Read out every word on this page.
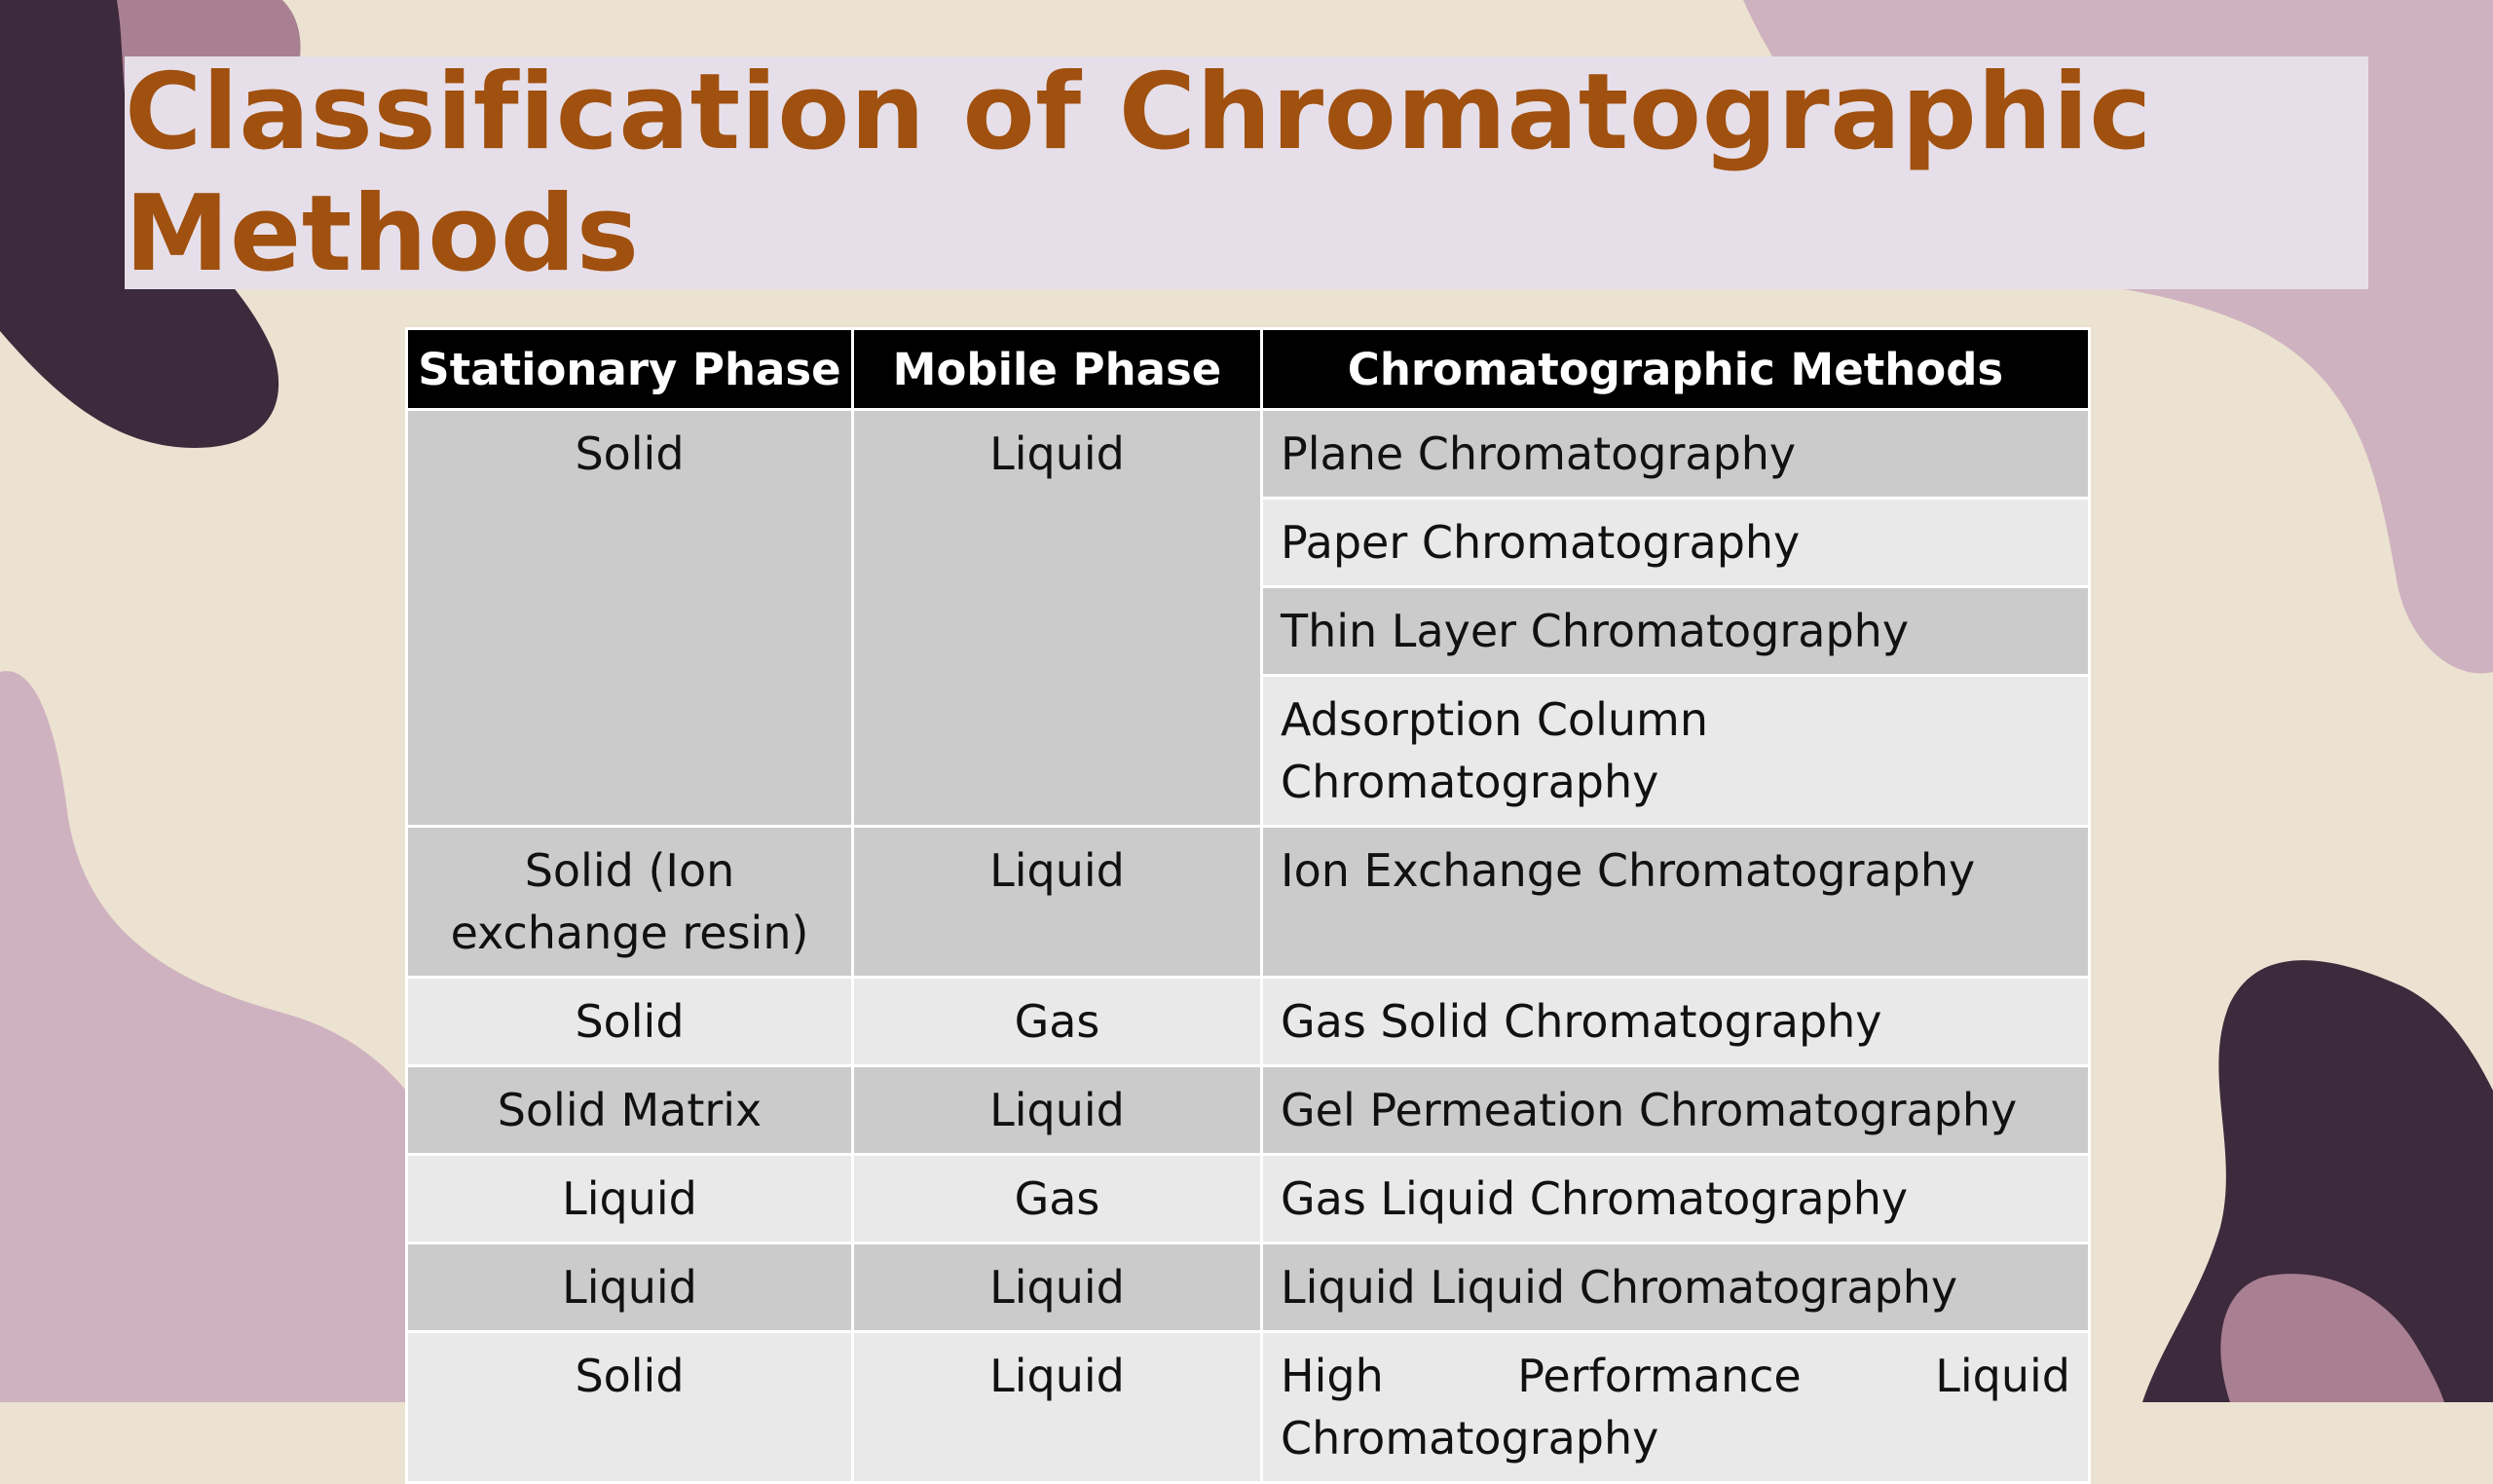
Classification of Chromatographic Methods
Stationary Phase	Mobile Phase	Chromatographic Methods
Solid	Liquid	Plane Chromatography
		Paper Chromatography
		Thin Layer Chromatography
		Adsorption Column Chromatography
Solid (Ion exchange resin)	Liquid	Ion Exchange Chromatography
Solid	Gas	Gas Solid Chromatography
Solid Matrix	Liquid	Gel Permeation Chromatography
Liquid	Gas	Gas Liquid Chromatography
Liquid	Liquid	Liquid Liquid Chromatography
Solid	Liquid	High Performance Liquid Chromatography
